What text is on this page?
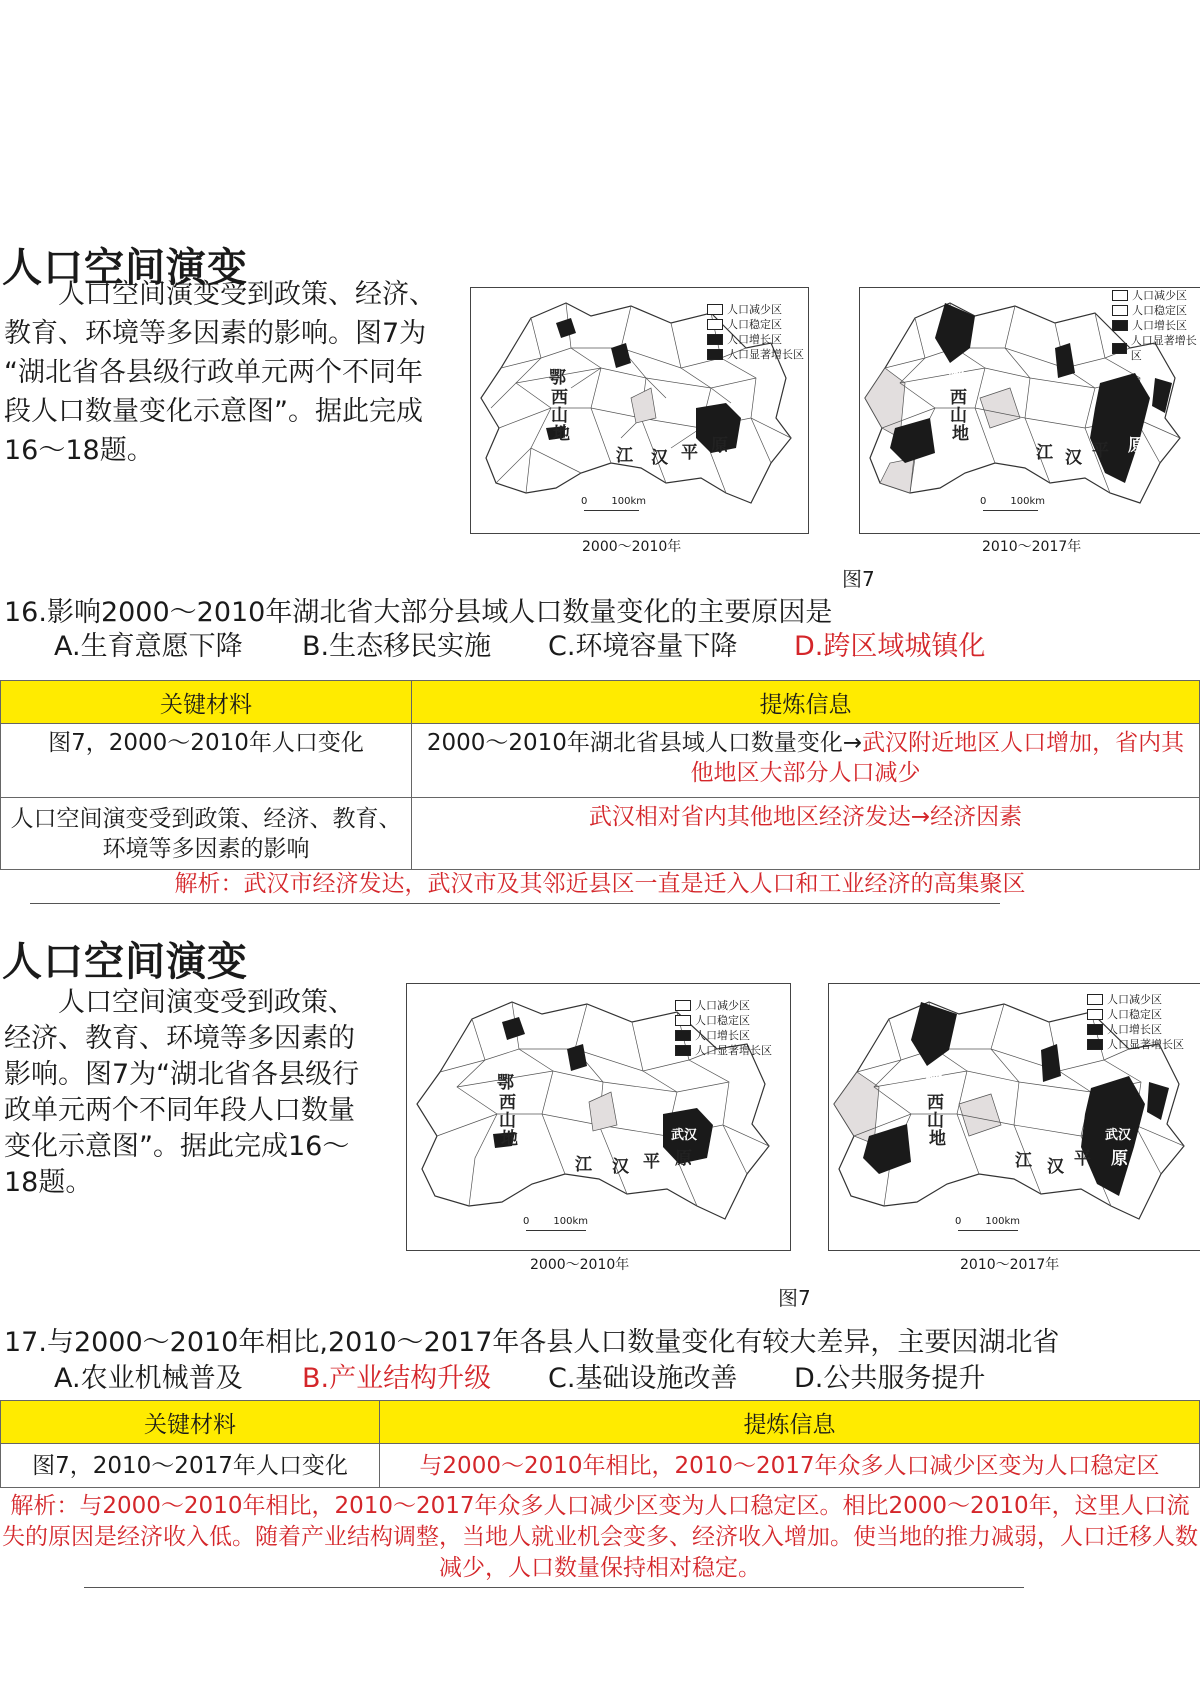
人口空间演变
人口空间演变受到政策、经济、
教育、环境等多因素的影响。图7为
“湖北省各县级行政单元两个不同年
段人口数量变化示意图”。据此完成
16～18题。
人口减少区
人口稳定区
人口增长区
人口显著增长区
鄂
西
山
地
江 汉 平 原
0 100km
2000～2010年
人口减少区
人口稳定区
人口增长区
人口显著增长区
鄂
西
山
地
江 汉 平 原
0 100km
2010～2017年
图7
16.影响2000～2010年湖北省大部分县域人口数量变化的主要原因是
A.生育意愿下降 B.生态移民实施 C.环境容量下降 D.跨区域城镇化
关键材料	提炼信息
图7，2000～2010年人口变化	2000～2010年湖北省县域人口数量变化→武汉附近地区人口增加，省内其他地区大部分人口减少
人口空间演变受到政策、经济、教育、环境等多因素的影响	武汉相对省内其他地区经济发达→经济因素
解析：武汉市经济发达，武汉市及其邻近县区一直是迁入人口和工业经济的高集聚区
人口空间演变
人口空间演变受到政策、
经济、教育、环境等多因素的
影响。图7为“湖北省各县级行
政单元两个不同年段人口数量
变化示意图”。据此完成16～
18题。
人口减少区
人口稳定区
人口增长区
人口显著增长区
鄂
西
山
地
江 汉 平 原
武汉
0 100km
2000～2010年
人口减少区
人口稳定区
人口增长区
人口显著增长区
鄂
西
山
地
江 汉 平 原
武汉
0 100km
2010～2017年
图7
17.与2000～2010年相比,2010～2017年各县人口数量变化有较大差异，主要因湖北省
A.农业机械普及 B.产业结构升级 C.基础设施改善 D.公共服务提升
关键材料	提炼信息
图7，2010～2017年人口变化	与2000～2010年相比，2010～2017年众多人口减少区变为人口稳定区
解析：与2000～2010年相比，2010～2017年众多人口减少区变为人口稳定区。相比2000～2010年，这里人口流失的原因是经济收入低。随着产业结构调整，当地人就业机会变多、经济收入增加。使当地的推力减弱，人口迁移人数减少，人口数量保持相对稳定。
